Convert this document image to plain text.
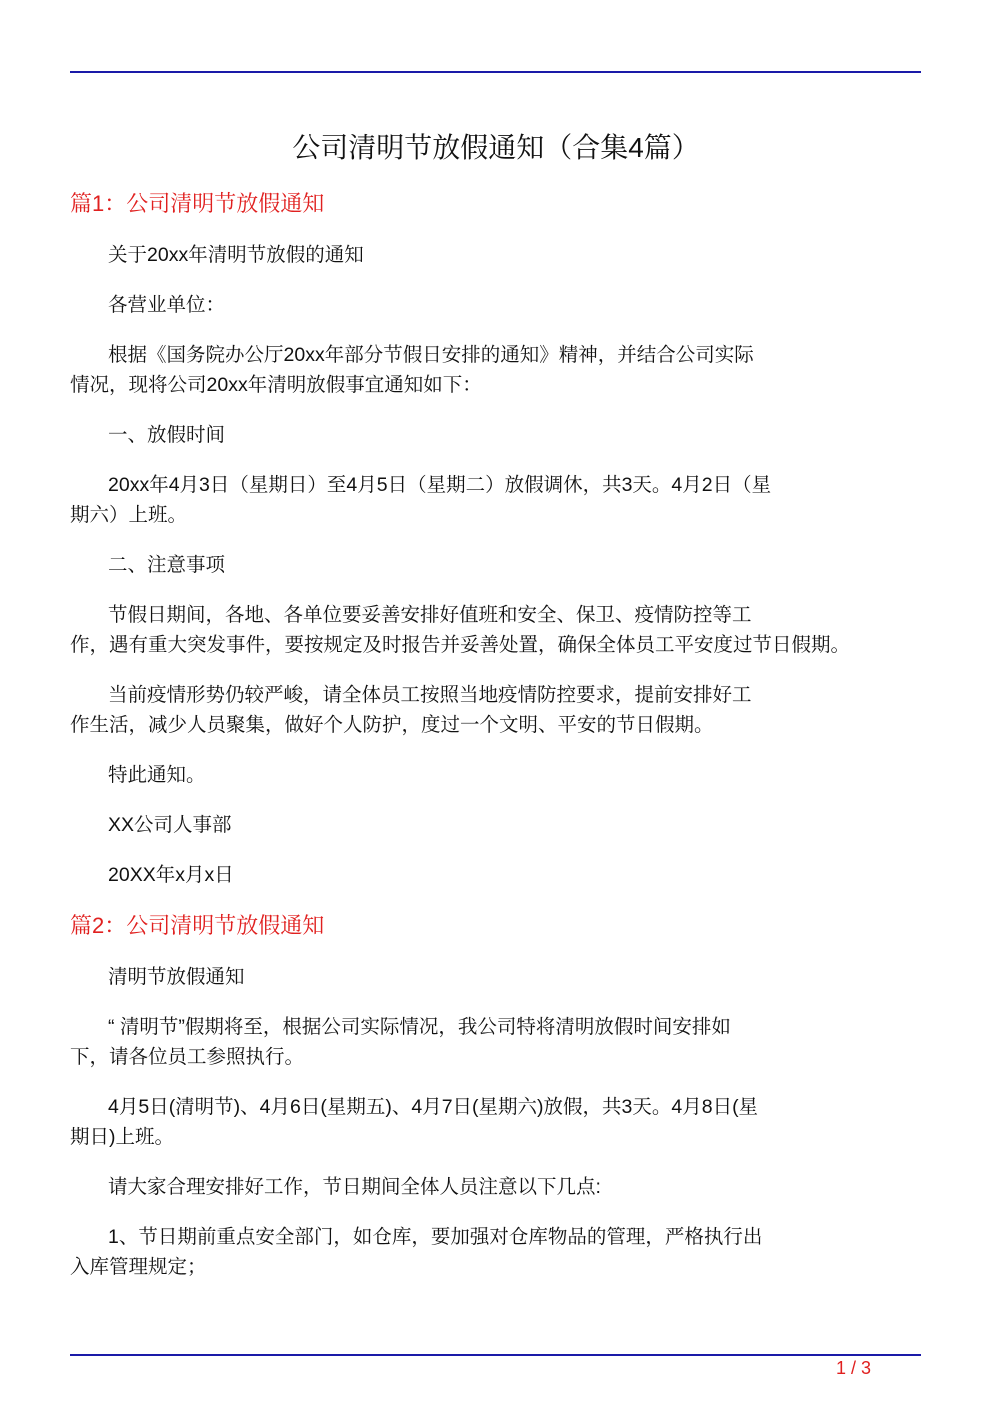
公司清明节放假通知（合集4篇）
篇1：公司清明节放假通知
关于20xx年清明节放假的通知
各营业单位：
根据《国务院办公厅20xx年部分节假日安排的通知》精神，并结合公司实际
情况，现将公司20xx年清明放假事宜通知如下：
一、放假时间
20xx年4月3日（星期日）至4月5日（星期二）放假调休，共3天。4月2日（星
期六）上班。
二、注意事项
节假日期间，各地、各单位要妥善安排好值班和安全、保卫、疫情防控等工
作，遇有重大突发事件，要按规定及时报告并妥善处置，确保全体员工平安度过节日假期。
当前疫情形势仍较严峻，请全体员工按照当地疫情防控要求，提前安排好工
作生活，减少人员聚集，做好个人防护，度过一个文明、平安的节日假期。
特此通知。
XX公司人事部
20XX年x月x日
篇2：公司清明节放假通知
清明节放假通知
“ 清明节”假期将至，根据公司实际情况，我公司特将清明放假时间安排如
下，请各位员工参照执行。
4月5日(清明节)、4月6日(星期五)、4月7日(星期六)放假，共3天。4月8日(星
期日)上班。
请大家合理安排好工作，节日期间全体人员注意以下几点:
1、节日期前重点安全部门，如仓库，要加强对仓库物品的管理，严格执行出
入库管理规定；
1 / 3
